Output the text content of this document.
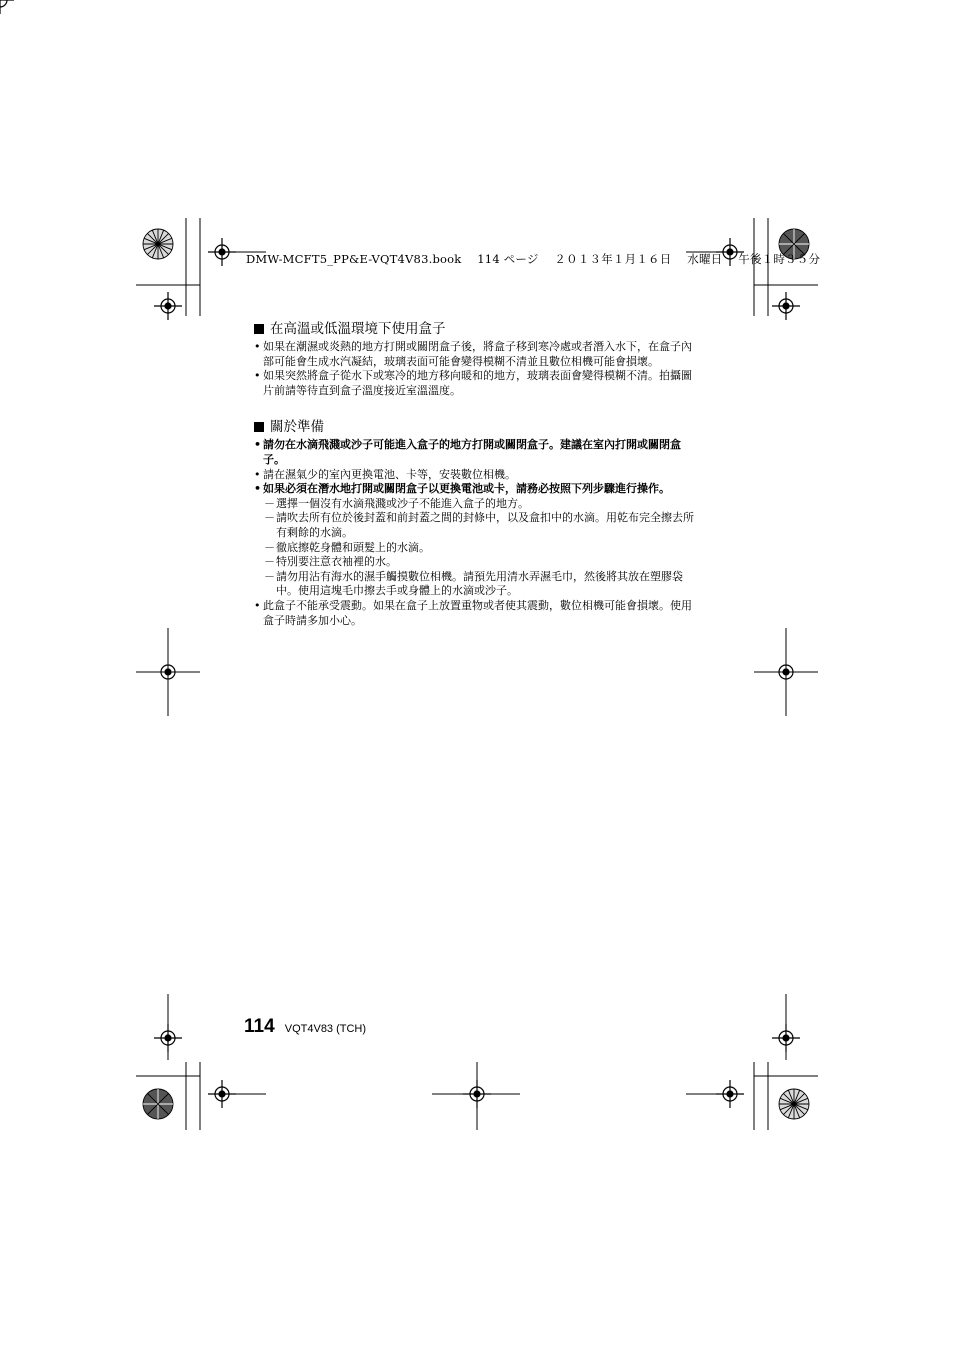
DMW-MCFT5_PP&E-VQT4V83.book 114 ページ ２０１３年１月１６日 水曜日 午後１時３５分
在高溫或低溫環境下使用盒子

• 如果在潮濕或炎熱的地方打開或關閉盒子後，將盒子移到寒冷處或者潛入水下，在盒子內部可能會生成水汽凝結，玻璃表面可能會變得模糊不清並且數位相機可能會損壞。

• 如果突然將盒子從水下或寒冷的地方移向暖和的地方，玻璃表面會變得模糊不清。拍攝圖片前請等待直到盒子溫度接近室溫溫度。

關於準備

• 請勿在水滴飛濺或沙子可能進入盒子的地方打開或關閉盒子。建議在室內打開或關閉盒子。

• 請在濕氣少的室內更換電池、卡等，安裝數位相機。

• 如果必須在潛水地打開或關閉盒子以更換電池或卡，請務必按照下列步驟進行操作。

－ 選擇一個沒有水滴飛濺或沙子不能進入盒子的地方。

－ 請吹去所有位於後封蓋和前封蓋之間的封條中，以及盒扣中的水滴。用乾布完全擦去所有剩餘的水滴。

－ 徹底擦乾身體和頭髮上的水滴。

－ 特別要注意衣袖裡的水。

－ 請勿用沾有海水的濕手觸摸數位相機。請預先用清水弄濕毛巾，然後將其放在塑膠袋中。使用這塊毛巾擦去手或身體上的水滴或沙子。

• 此盒子不能承受震動。如果在盒子上放置重物或者使其震動，數位相機可能會損壞。使用盒子時請多加小心。

114 VQT4V83 (TCH)
